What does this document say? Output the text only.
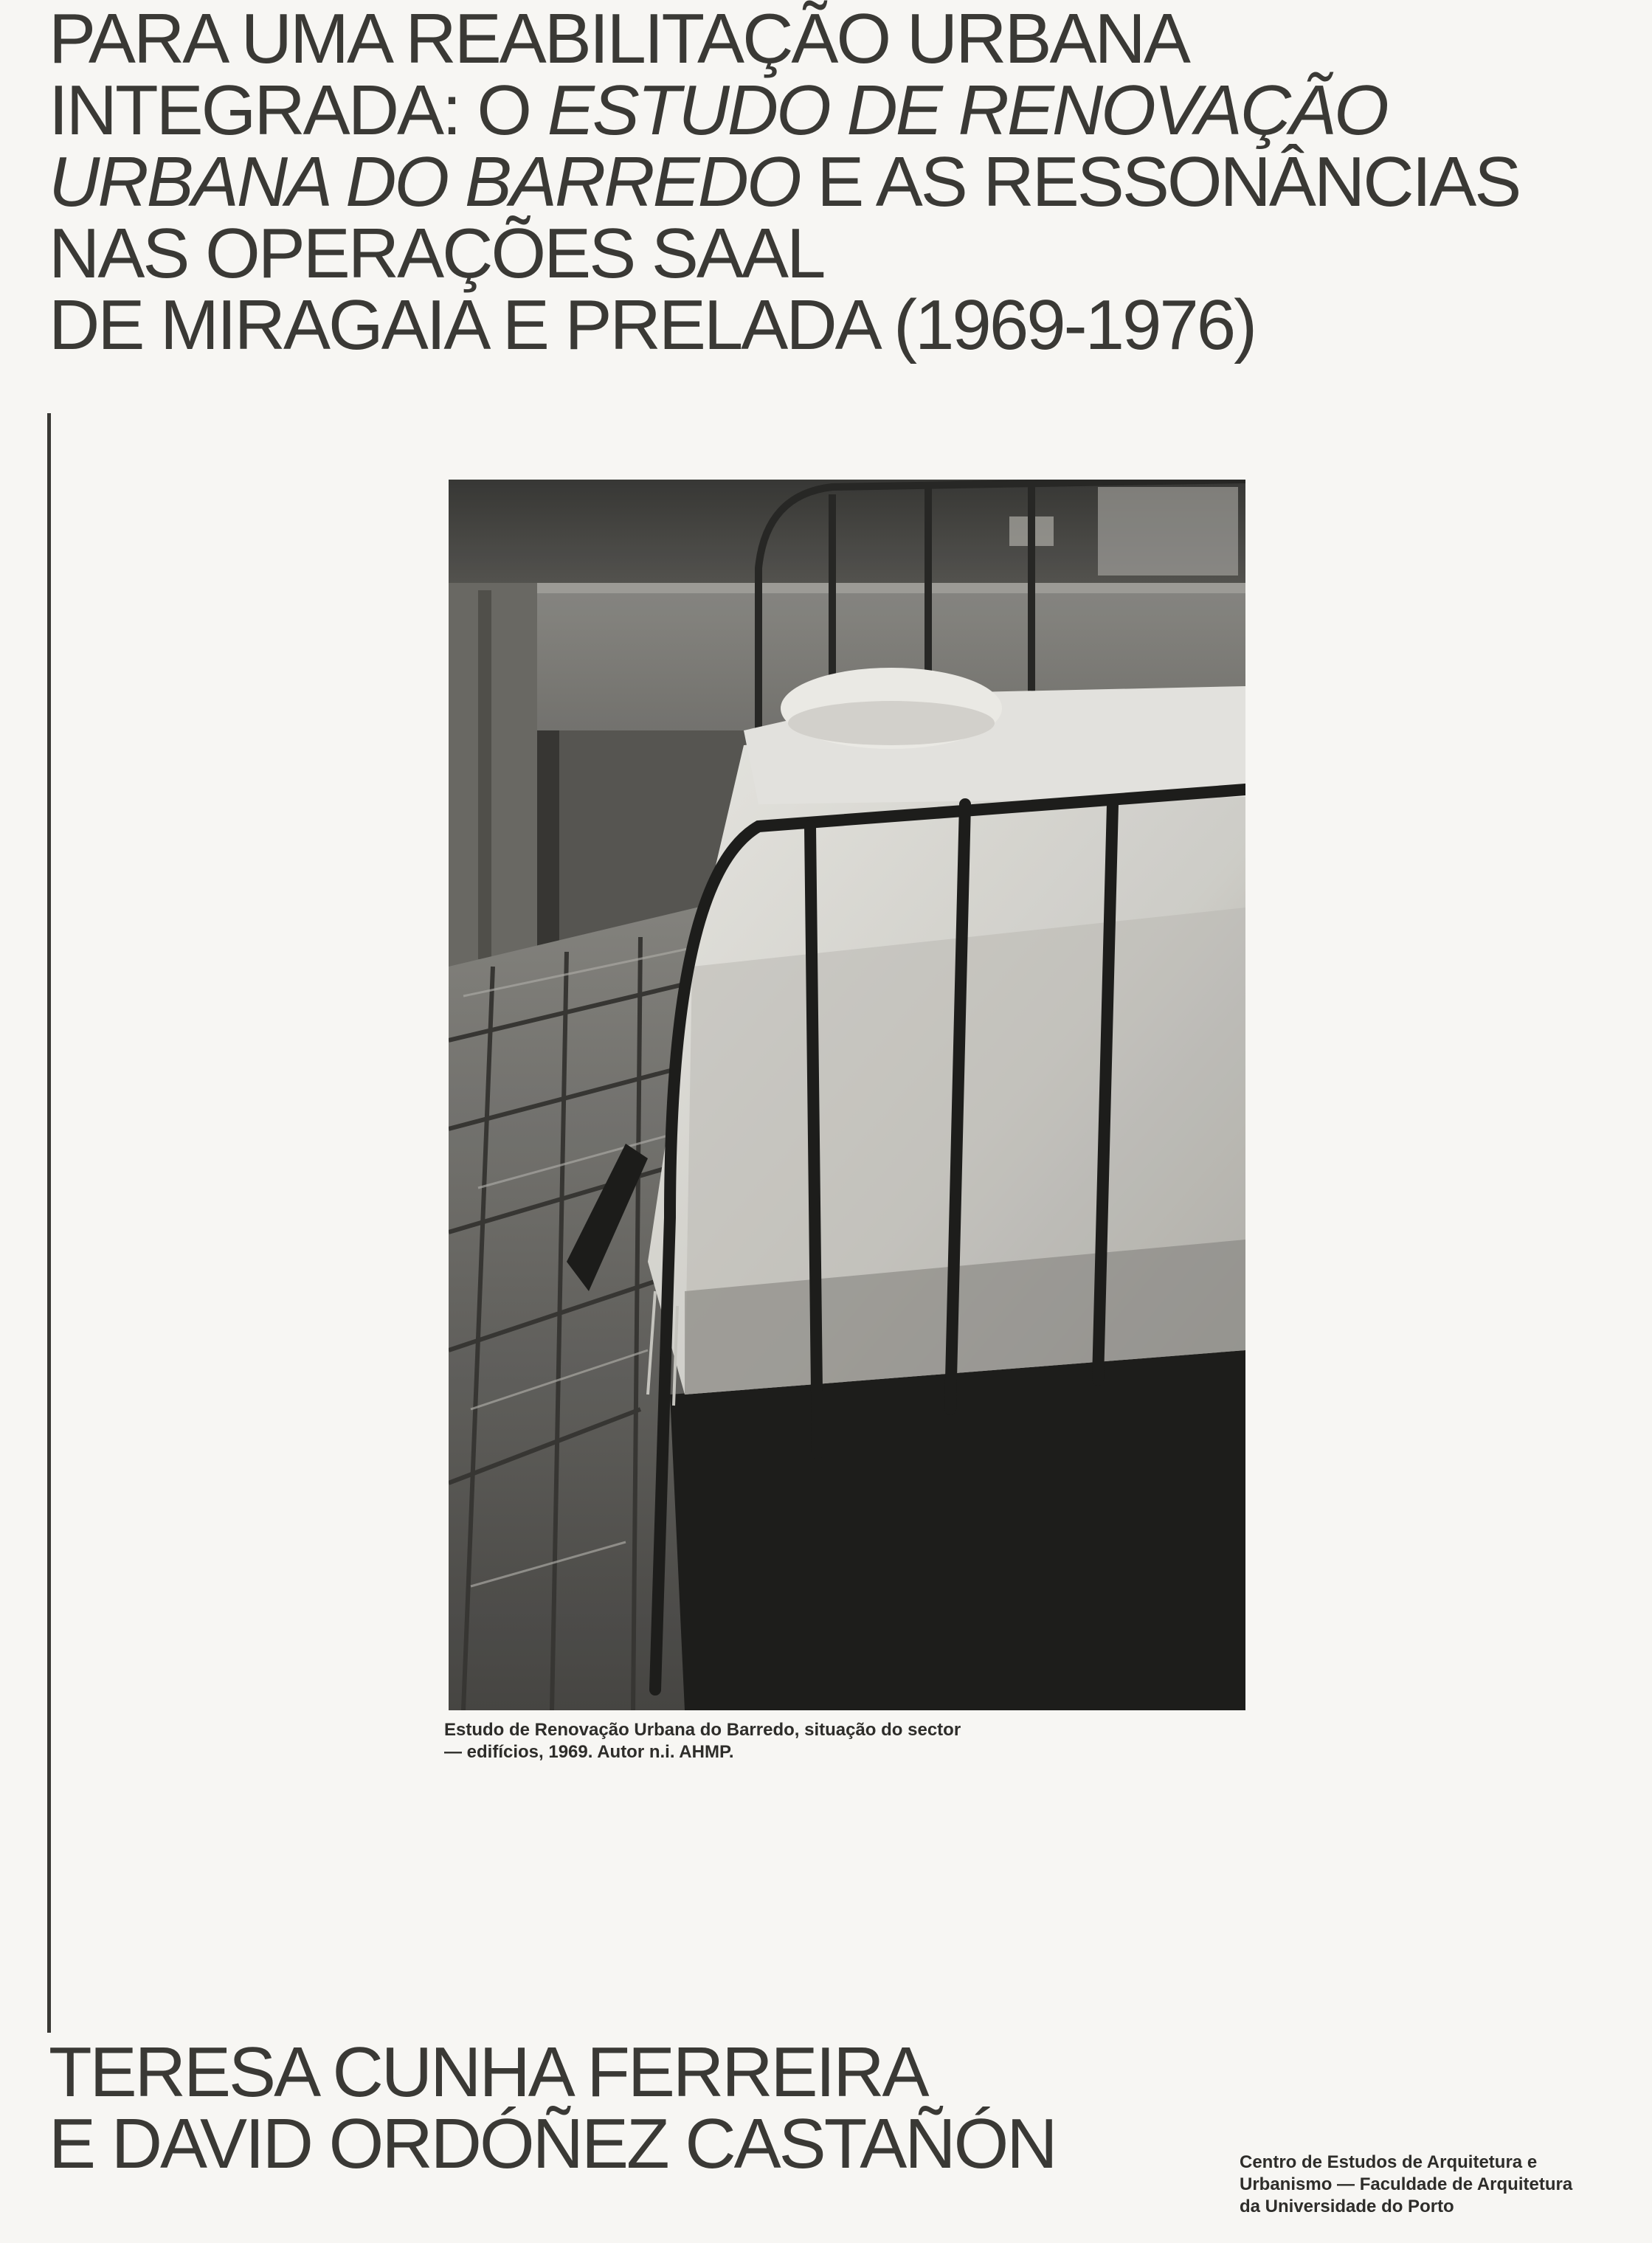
PARA UMA REABILITAÇÃO URBANA
INTEGRADA: O ESTUDO DE RENOVAÇÃO
URBANA DO BARREDO E AS RESSONÂNCIAS
NAS OPERAÇÕES SAAL
DE MIRAGAIA E PRELADA (1969-1976)
Estudo de Renovação Urbana do Barredo, situação do sector
— edifícios, 1969. Autor n.i. AHMP.
TERESA CUNHA FERREIRA
E DAVID ORDÓÑEZ CASTAÑÓN	Centro de Estudos de Arquitetura e
Urbanismo — Faculdade de Arquitetura
da Universidade do Porto
